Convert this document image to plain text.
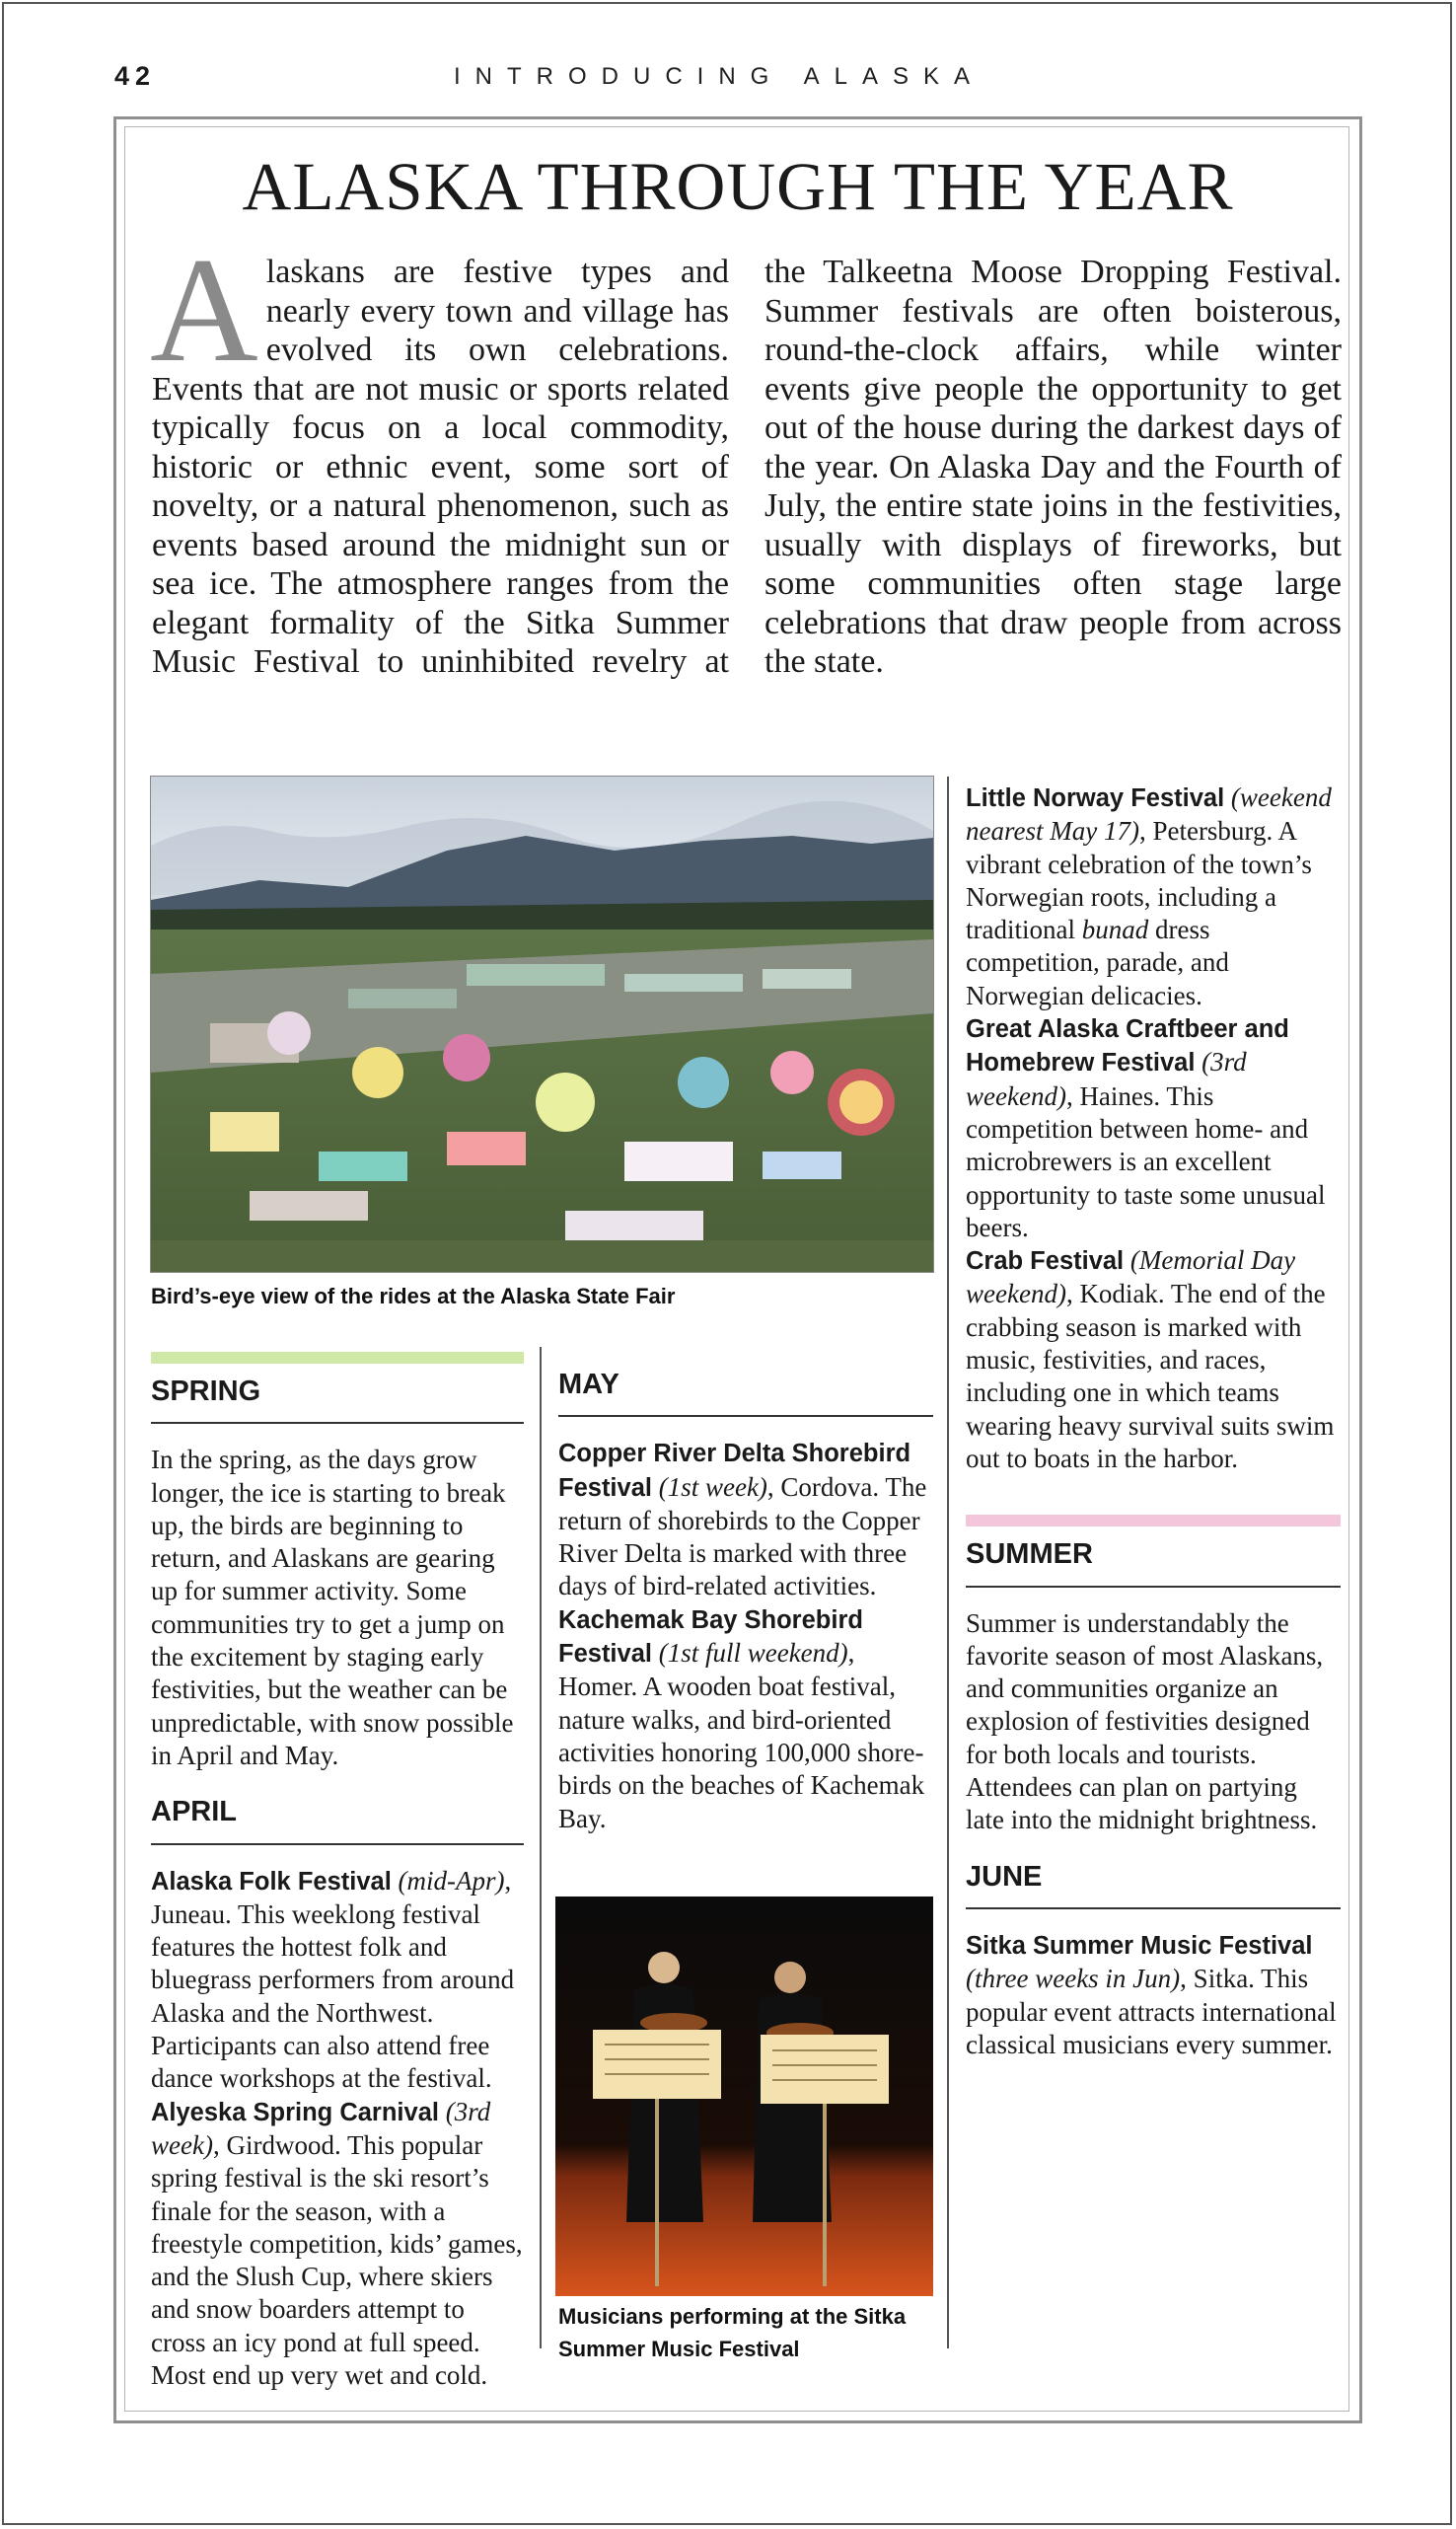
42	INTRODUCING ALASKA
ALASKA THROUGH THE YEAR
Alaskans are festive types and nearly every town and village has evolved its own celebrations. Events that are not music or sports related typically focus on a local commodity, historic or ethnic event, some sort of novelty, or a natural phenomenon, such as events based around the midnight sun or sea ice. The atmosphere ranges from the elegant formality of the Sitka Summer Music Festival to uninhibited revelry at the Talkeetna Moose Dropping Festival. Summer festivals are often boisterous, round-the-clock affairs, while winter events give people the opportunity to get out of the house during the darkest days of the year. On Alaska Day and the Fourth of July, the entire state joins in the festivities, usually with displays of fireworks, but some communities often stage large celebrations that draw people from across the state.
Bird’s-eye view of the rides at the Alaska State Fair
Musicians performing at the Sitka Summer Music Festival
SPRING

In the spring, as the days grow longer, the ice is starting to break up, the birds are beginning to return, and Alaskans are gearing up for summer activity. Some communities try to get a jump on the excitement by staging early festivities, but the weather can be unpredictable, with snow possible in April and May.

APRIL

Alaska Folk Festival (mid-Apr), Juneau. This weeklong festival features the hottest folk and bluegrass performers from around Alaska and the Northwest. Participants can also attend free dance workshops at the festival.

Alyeska Spring Carnival (3rd week), Girdwood. This popular spring festival is the ski resort’s finale for the season, with a freestyle competition, kids’ games, and the Slush Cup, where skiers and snow boarders attempt to cross an icy pond at full speed. Most end up very wet and cold.

MAY

Copper River Delta Shorebird Festival (1st week), Cordova. The return of shorebirds to the Copper River Delta is marked with three days of bird-related activities.

Kachemak Bay Shorebird Festival (1st full weekend), Homer. A wooden boat festival, nature walks, and bird-oriented activities honoring 100,000 shore-birds on the beaches of Kachemak Bay.

Little Norway Festival (weekend nearest May 17), Petersburg. A vibrant celebration of the town’s Norwegian roots, including a traditional bunad dress competition, parade, and Norwegian delicacies.

Great Alaska Craftbeer and Homebrew Festival (3rd weekend), Haines. This competition between home- and microbrewers is an excellent opportunity to taste some unusual beers.

Crab Festival (Memorial Day weekend), Kodiak. The end of the crabbing season is marked with music, festivities, and races, including one in which teams wearing heavy survival suits swim out to boats in the harbor.

SUMMER

Summer is understandably the favorite season of most Alaskans, and communities organize an explosion of festivities designed for both locals and tourists. Attendees can plan on partying late into the midnight brightness.

JUNE

Sitka Summer Music Festival (three weeks in Jun), Sitka. This popular event attracts international classical musicians every summer.
